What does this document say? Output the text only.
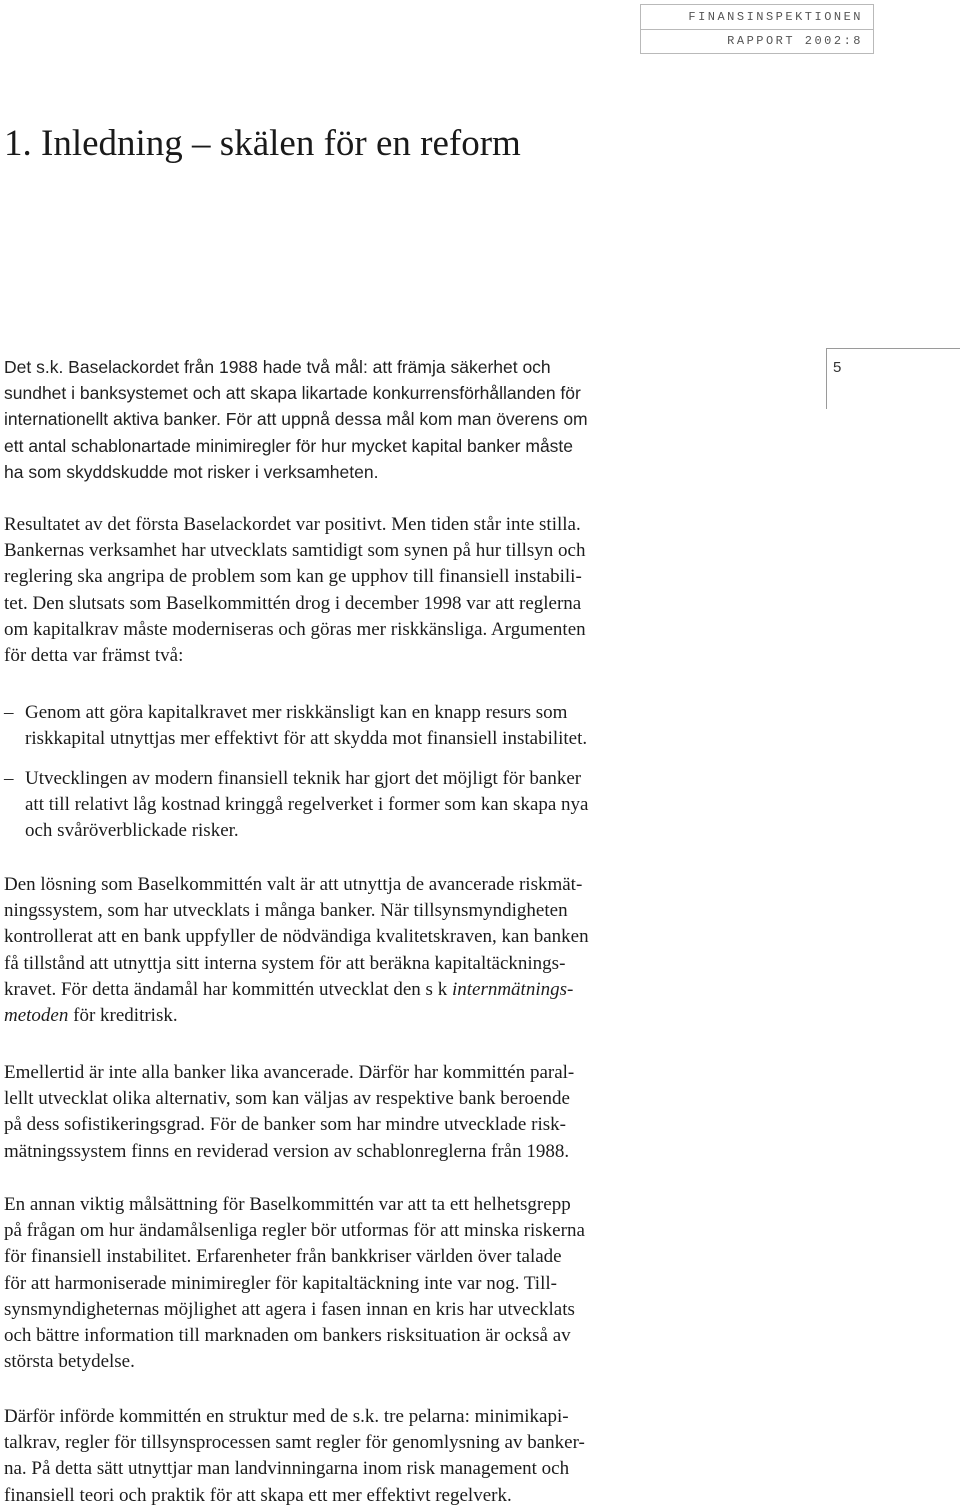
FINANSINSPEKTIONEN
RAPPORT 2002:8
1. Inledning – skälen för en reform
5

Det s.k. Baselackordet från 1988 hade två mål: att främja säkerhet och
sundhet i banksystemet och att skapa likartade konkurrensförhållanden för
internationellt aktiva banker. För att uppnå dessa mål kom man överens om
ett antal schablonartade minimiregler för hur mycket kapital banker måste
ha som skyddskudde mot risker i verksamheten.

Resultatet av det första Baselackordet var positivt. Men tiden står inte stilla.
Bankernas verksamhet har utvecklats samtidigt som synen på hur tillsyn och
reglering ska angripa de problem som kan ge upphov till finansiell instabili-
tet. Den slutsats som Baselkommittén drog i december 1998 var att reglerna
om kapitalkrav måste moderniseras och göras mer riskkänsliga. Argumenten
för detta var främst två:

– Genom att göra kapitalkravet mer riskkänsligt kan en knapp resurs som
riskkapital utnyttjas mer effektivt för att skydda mot finansiell instabilitet.
– Utvecklingen av modern finansiell teknik har gjort det möjligt för banker
att till relativt låg kostnad kringgå regelverket i former som kan skapa nya
och svåröverblickade risker.

Den lösning som Baselkommittén valt är att utnyttja de avancerade riskmät-
ningssystem, som har utvecklats i många banker. När tillsynsmyndigheten
kontrollerat att en bank uppfyller de nödvändiga kvalitetskraven, kan banken
få tillstånd att utnyttja sitt interna system för att beräkna kapitaltäcknings-
kravet. För detta ändamål har kommittén utvecklat den s k internmätnings-
metoden för kreditrisk.

Emellertid är inte alla banker lika avancerade. Därför har kommittén paral-
lellt utvecklat olika alternativ, som kan väljas av respektive bank beroende
på dess sofistikeringsgrad. För de banker som har mindre utvecklade risk-
mätningssystem finns en reviderad version av schablonreglerna från 1988.

En annan viktig målsättning för Baselkommittén var att ta ett helhetsgrepp
på frågan om hur ändamålsenliga regler bör utformas för att minska riskerna
för finansiell instabilitet. Erfarenheter från bankkriser världen över talade
för att harmoniserade minimiregler för kapitaltäckning inte var nog. Till-
synsmyndigheternas möjlighet att agera i fasen innan en kris har utvecklats
och bättre information till marknaden om bankers risksituation är också av
största betydelse.

Därför införde kommittén en struktur med de s.k. tre pelarna: minimikapi-
talkrav, regler för tillsynsprocessen samt regler för genomlysning av banker-
na. På detta sätt utnyttjar man landvinningarna inom risk management och
finansiell teori och praktik för att skapa ett mer effektivt regelverk.
